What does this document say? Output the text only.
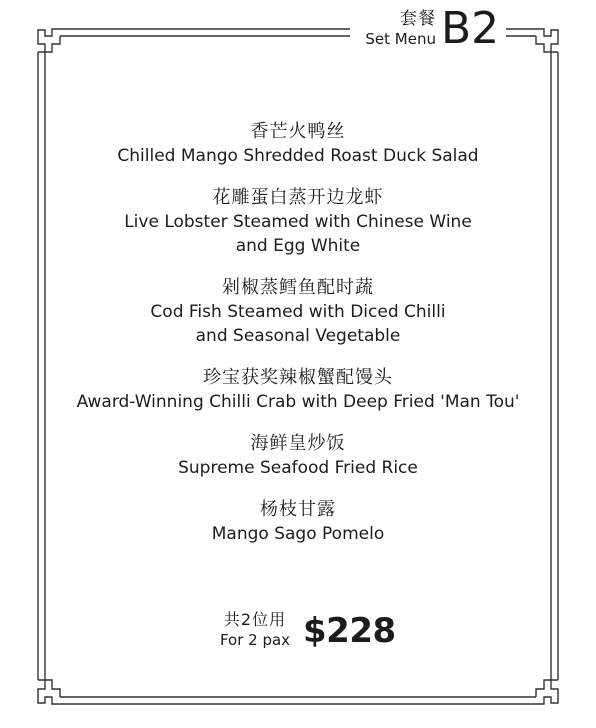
套餐
Set Menu B2
香芒火鸭丝
Chilled Mango Shredded Roast Duck Salad
花雕蛋白蒸开边龙虾
Live Lobster Steamed with Chinese Wine
and Egg White
剁椒蒸鳕鱼配时蔬
Cod Fish Steamed with Diced Chilli
and Seasonal Vegetable
珍宝获奖辣椒蟹配馒头
Award-Winning Chilli Crab with Deep Fried 'Man Tou'
海鲜皇炒饭
Supreme Seafood Fried Rice
杨枝甘露
Mango Sago Pomelo
共2位用
For 2 pax $228
